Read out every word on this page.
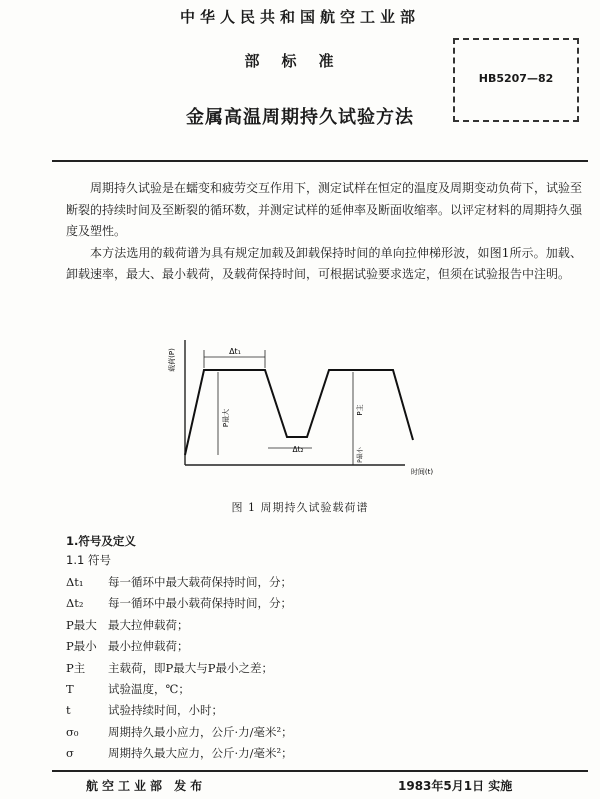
中华人民共和国航空工业部
部标准
HB5207—82
金属高温周期持久试验方法

周期持久试验是在蠕变和疲劳交互作用下，测定试样在恒定的温度及周期变动负荷下，试验至断裂的持续时间及至断裂的循环数，并测定试样的延伸率及断面收缩率。以评定材料的周期持久强度及塑性。

本方法选用的载荷谱为具有规定加载及卸载保持时间的单向拉伸梯形波，如图1所示。加载、卸载速率，最大、最小载荷，及载荷保持时间，可根据试验要求选定，但须在试验报告中注明。

Δt₁
P最大
Δt₂
P主
P最小
载荷(P)
时间(t)
图 1 周期持久试验载荷谱
1.符号及定义
1.1 符号
Δt₁ 每一循环中最大载荷保持时间，分；
Δt₂ 每一循环中最小载荷保持时间，分；
P最大 最大拉伸载荷；
P最小 最小拉伸载荷；
P主 主载荷，即P最大与P最小之差；
T	试验温度，℃；
t	试验持续时间，小时；
σ₀	周期持久最小应力，公斤·力/毫米²；
σ	周期持久最大应力，公斤·力/毫米²；
航空工业部 发布	1983年5月1日 实施
